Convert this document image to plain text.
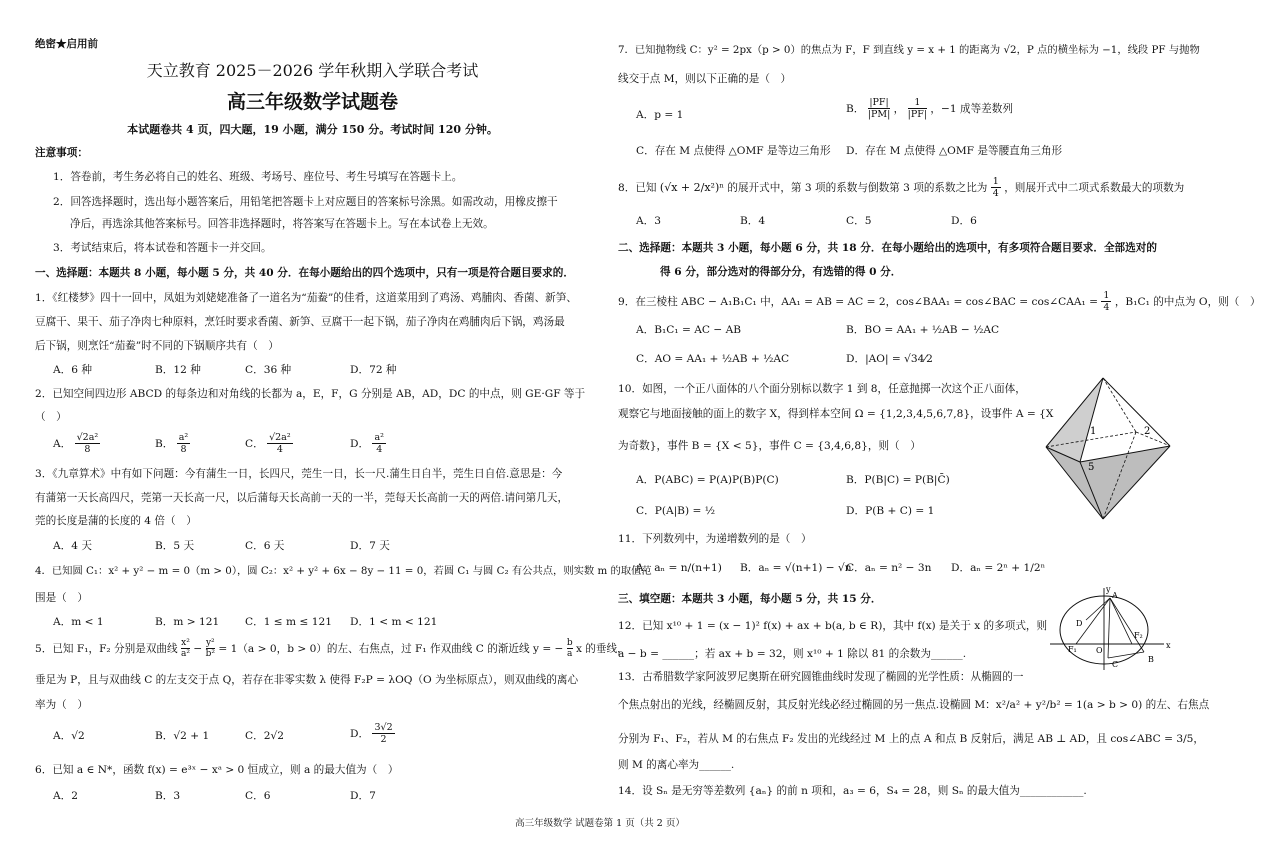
绝密★启用前
天立教育 2025－2026 学年秋期入学联合考试
高三年级数学试题卷
本试题卷共 4 页，四大题，19 小题，满分 150 分。考试时间 120 分钟。
注意事项：
1．答卷前，考生务必将自己的姓名、班级、考场号、座位号、考生号填写在答题卡上。
2．回答选择题时，选出每小题答案后，用铅笔把答题卡上对应题目的答案标号涂黑。如需改动，用橡皮擦干
净后，再选涂其他答案标号。回答非选择题时，将答案写在答题卡上。写在本试卷上无效。
3．考试结束后，将本试卷和答题卡一并交回。
一、选择题：本题共 8 小题，每小题 5 分，共 40 分．在每小题给出的四个选项中，只有一项是符合题目要求的．
1．《红楼梦》四十一回中，凤姐为刘姥姥准备了一道名为“茄鲞”的佳肴，这道菜用到了鸡汤、鸡脯肉、香菌、新笋、
豆腐干、果干、茄子净肉七种原料，烹饪时要求香菌、新笋、豆腐干一起下锅，茄子净肉在鸡脯肉后下锅，鸡汤最
后下锅，则烹饪“茄鲞”时不同的下锅顺序共有（　）
A．6 种	B．12 种	C．36 种	D．72 种
2．已知空间四边形 ABCD 的每条边和对角线的长都为 a，E，F，G 分别是 AB，AD，DC 的中点，则 GE·GF 等于
（　）
A． $\frac{\text{√2a²}}{8}$	B． $\frac{\text{a²}}{8}$	C． $\frac{\text{√2a²}}{4}$	D． $\frac{\text{a²}}{4}$
3．《九章算术》中有如下问题：今有蒲生一日，长四尺，莞生一日，长一尺.蒲生日自半，莞生日自倍.意思是：今
有蒲第一天长高四尺，莞第一天长高一尺，以后蒲每天长高前一天的一半，莞每天长高前一天的两倍.请问第几天，
莞的长度是蒲的长度的 4 倍（　）
A．4 天	B．5 天	C．6 天	D．7 天
4．已知圆 C₁：x² + y² − m = 0（m > 0），圆 C₂：x² + y² + 6x − 8y − 11 = 0，若圆 C₁ 与圆 C₂ 有公共点，则实数 m 的取值范
围是（　）
A．m < 1	B．m > 121 C．1 ≤ m ≤ 121 D．1 < m < 121
5．已知 F₁，F₂ 分别是双曲线 $\frac{\text{x²}}{\text{a²}} - \frac{\text{y²}}{\text{b²}} = 1(a > 0$，b > 0）的左、右焦点，过 F₁ 作双曲线 C 的渐近线 y = − $\frac{b}{a}$ x 的垂线，
垂足为 P，且与双曲线 C 的左支交于点 Q，若存在非零实数 λ 使得 F₂P = λOQ（O 为坐标原点），则双曲线的离心
率为（　）
A．√2	B．√2 + 1	C．2√2	D． $\frac{3√2}{2}$
6．已知 a ∈ N*，函数 f(x) = e³ˣ − xᵃ > 0 恒成立，则 a 的最大值为（　）
A．2	B．3	C．6	D．7
7．已知抛物线 C：y² = 2px（p > 0）的焦点为 F，F 到直线 y = x + 1 的距离为 √2，P 点的横坐标为 −1，线段 PF 与抛物
线交于点 M，则以下正确的是（　）
A．p = 1
B． $\frac{|PF|}{|PM|}$ ， $\frac{1}{|PF|}$ ，−1 成等差数列
C．存在 M 点使得 △OMF 是等边三角形 D．存在 M 点使得 △OMF 是等腰直角三角形
8．已知 (√x + 2/x²)ⁿ 的展开式中，第 3 项的系数与倒数第 3 项的系数之比为 $\frac{1}{4}$ ，则展开式中二项式系数最大的项数为
A．3	B．4	C．5	D．6
二、选择题：本题共 3 小题，每小题 6 分，共 18 分．在每小题给出的选项中，有多项符合题目要求．全部选对的
得 6 分，部分选对的得部分分，有选错的得 0 分．
9．在三棱柱 ABC − A₁B₁C₁ 中，AA₁ = AB = AC = 2，cos∠BAA₁ = cos∠BAC = cos∠CAA₁ = $\frac{1}{4}$ ，B₁C₁ 的中点为 O，则（　）
A．B₁C₁ = AC − AB	B．BO = AA₁ + ½AB − ½AC
C．AO = AA₁ + ½AB + ½AC	D．|AO| = √34⁄2
10．如图，一个正八面体的八个面分别标以数字 1 到 8，任意抛掷一次这个正八面体，
观察它与地面接触的面上的数字 X，得到样本空间 Ω = {1,2,3,4,5,6,7,8}，设事件 A = {X
为奇数}，事件 B = {X < 5}，事件 C = {3,4,6,8}，则（　）
A．P(ABC) = P(A)P(B)P(C)	B．P(B|C) = P(B|C̄)
C．P(A|B) = ½	D．P(B + C) = 1
1	2
5
11．下列数列中，为递增数列的是（　）
A．aₙ = n/(n+1) B．aₙ = √(n+1) − √n
C．aₙ = n² − 3n D．aₙ = 2ⁿ + 1/2ⁿ
三、填空题：本题共 3 小题，每小题 5 分，共 15 分．
12．已知 x¹⁰ + 1 = (x − 1)² f(x) + ax + b(a, b ∈ R)，其中 f(x) 是关于 x 的多项式，则
a − b = ______；若 ax + b = 32，则 x¹⁰ + 1 除以 81 的余数为______.
13．古希腊数学家阿波罗尼奥斯在研究圆锥曲线时发现了椭圆的光学性质：从椭圆的一
个焦点射出的光线，经椭圆反射，其反射光线必经过椭圆的另一焦点.设椭圆 M：x²/a² + y²/b² = 1(a > b > 0) 的左、右焦点
分别为 F₁、F₂，若从 M 的右焦点 F₂ 发出的光线经过 M 上的点 A 和点 B 反射后，满足 AB ⊥ AD，且 cos∠ABC = 3/5，
则 M 的离心率为______.
y
x
O
A
B
C
D
F₁
F₂
14．设 Sₙ 是无穷等差数列 {aₙ} 的前 n 项和，a₃ = 6，S₄ = 28，则 Sₙ 的最大值为____________.
高三年级数学 试题卷第 1 页（共 2 页）
